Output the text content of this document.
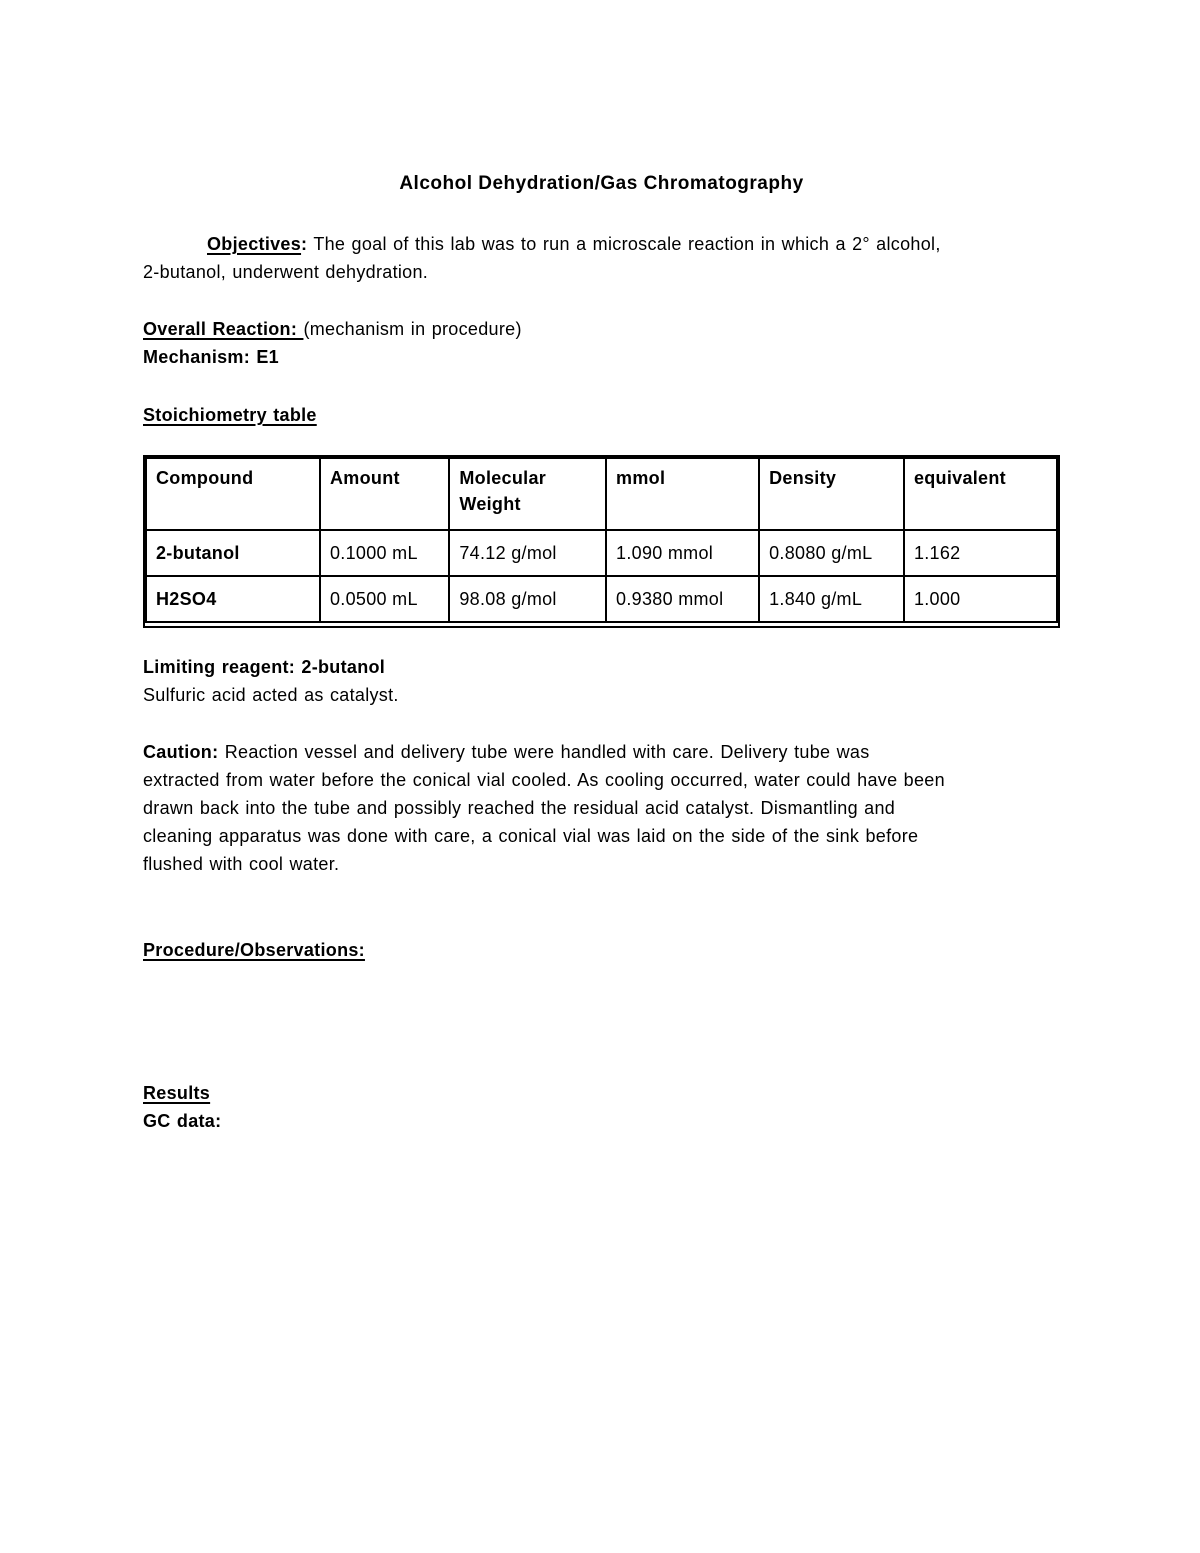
Alcohol Dehydration/Gas Chromatography
Objectives: The goal of this lab was to run a microscale reaction in which a 2° alcohol,
2-butanol, underwent dehydration.
Overall Reaction: (mechanism in procedure)
Mechanism: E1
Stoichiometry table
Compound	Amount	Molecular Weight	mmol	Density	equivalent
2-butanol	0.1000 mL	74.12 g/mol	1.090 mmol	0.8080 g/mL	1.162
H2SO4	0.0500 mL	98.08 g/mol	0.9380 mmol	1.840 g/mL	1.000
Limiting reagent: 2-butanol
Sulfuric acid acted as catalyst.
Caution: Reaction vessel and delivery tube were handled with care. Delivery tube was
extracted from water before the conical vial cooled. As cooling occurred, water could have been
drawn back into the tube and possibly reached the residual acid catalyst. Dismantling and
cleaning apparatus was done with care, a conical vial was laid on the side of the sink before
flushed with cool water.
Procedure/Observations:
Results
GC data:
